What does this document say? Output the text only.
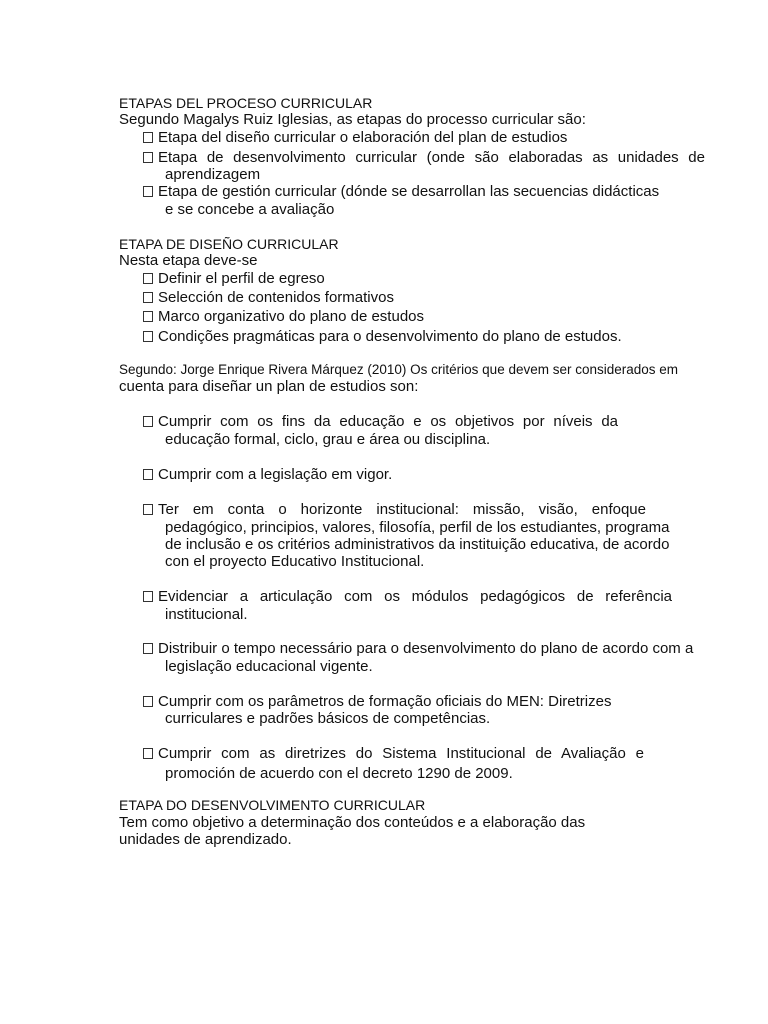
ETAPAS DEL PROCESO CURRICULAR
Segundo Magalys Ruiz Iglesias, as etapas do processo curricular são:
Etapa del diseño curricular o elaboración del plan de estudios
Etapa de desenvolvimento curricular (onde são elaboradas as unidades de
aprendizagem
Etapa de gestión curricular (dónde se desarrollan las secuencias didácticas
e se concebe a avaliação
ETAPA DE DISEÑO CURRICULAR
Nesta etapa deve-se
Definir el perfil de egreso
Selección de contenidos formativos
Marco organizativo do plano de estudos
Condições pragmáticas para o desenvolvimento do plano de estudos.
Segundo: Jorge Enrique Rivera Márquez (2010) Os critérios que devem ser considerados em
cuenta para diseñar un plan de estudios son:
Cumprir com os fins da educação e os objetivos por níveis da
educação formal, ciclo, grau e área ou disciplina.
Cumprir com a legislação em vigor.
Ter em conta o horizonte institucional: missão, visão, enfoque
pedagógico, principios, valores, filosofía, perfil de los estudiantes, programa
de inclusão e os critérios administrativos da instituição educativa, de acordo
con el proyecto Educativo Institucional.
Evidenciar a articulação com os módulos pedagógicos de referência
institucional.
Distribuir o tempo necessário para o desenvolvimento do plano de acordo com a
legislação educacional vigente.
Cumprir com os parâmetros de formação oficiais do MEN: Diretrizes
curriculares e padrões básicos de competências.
Cumprir com as diretrizes do Sistema Institucional de Avaliação e
promoción de acuerdo con el decreto 1290 de 2009.
ETAPA DO DESENVOLVIMENTO CURRICULAR
Tem como objetivo a determinação dos conteúdos e a elaboração das
unidades de aprendizado.
